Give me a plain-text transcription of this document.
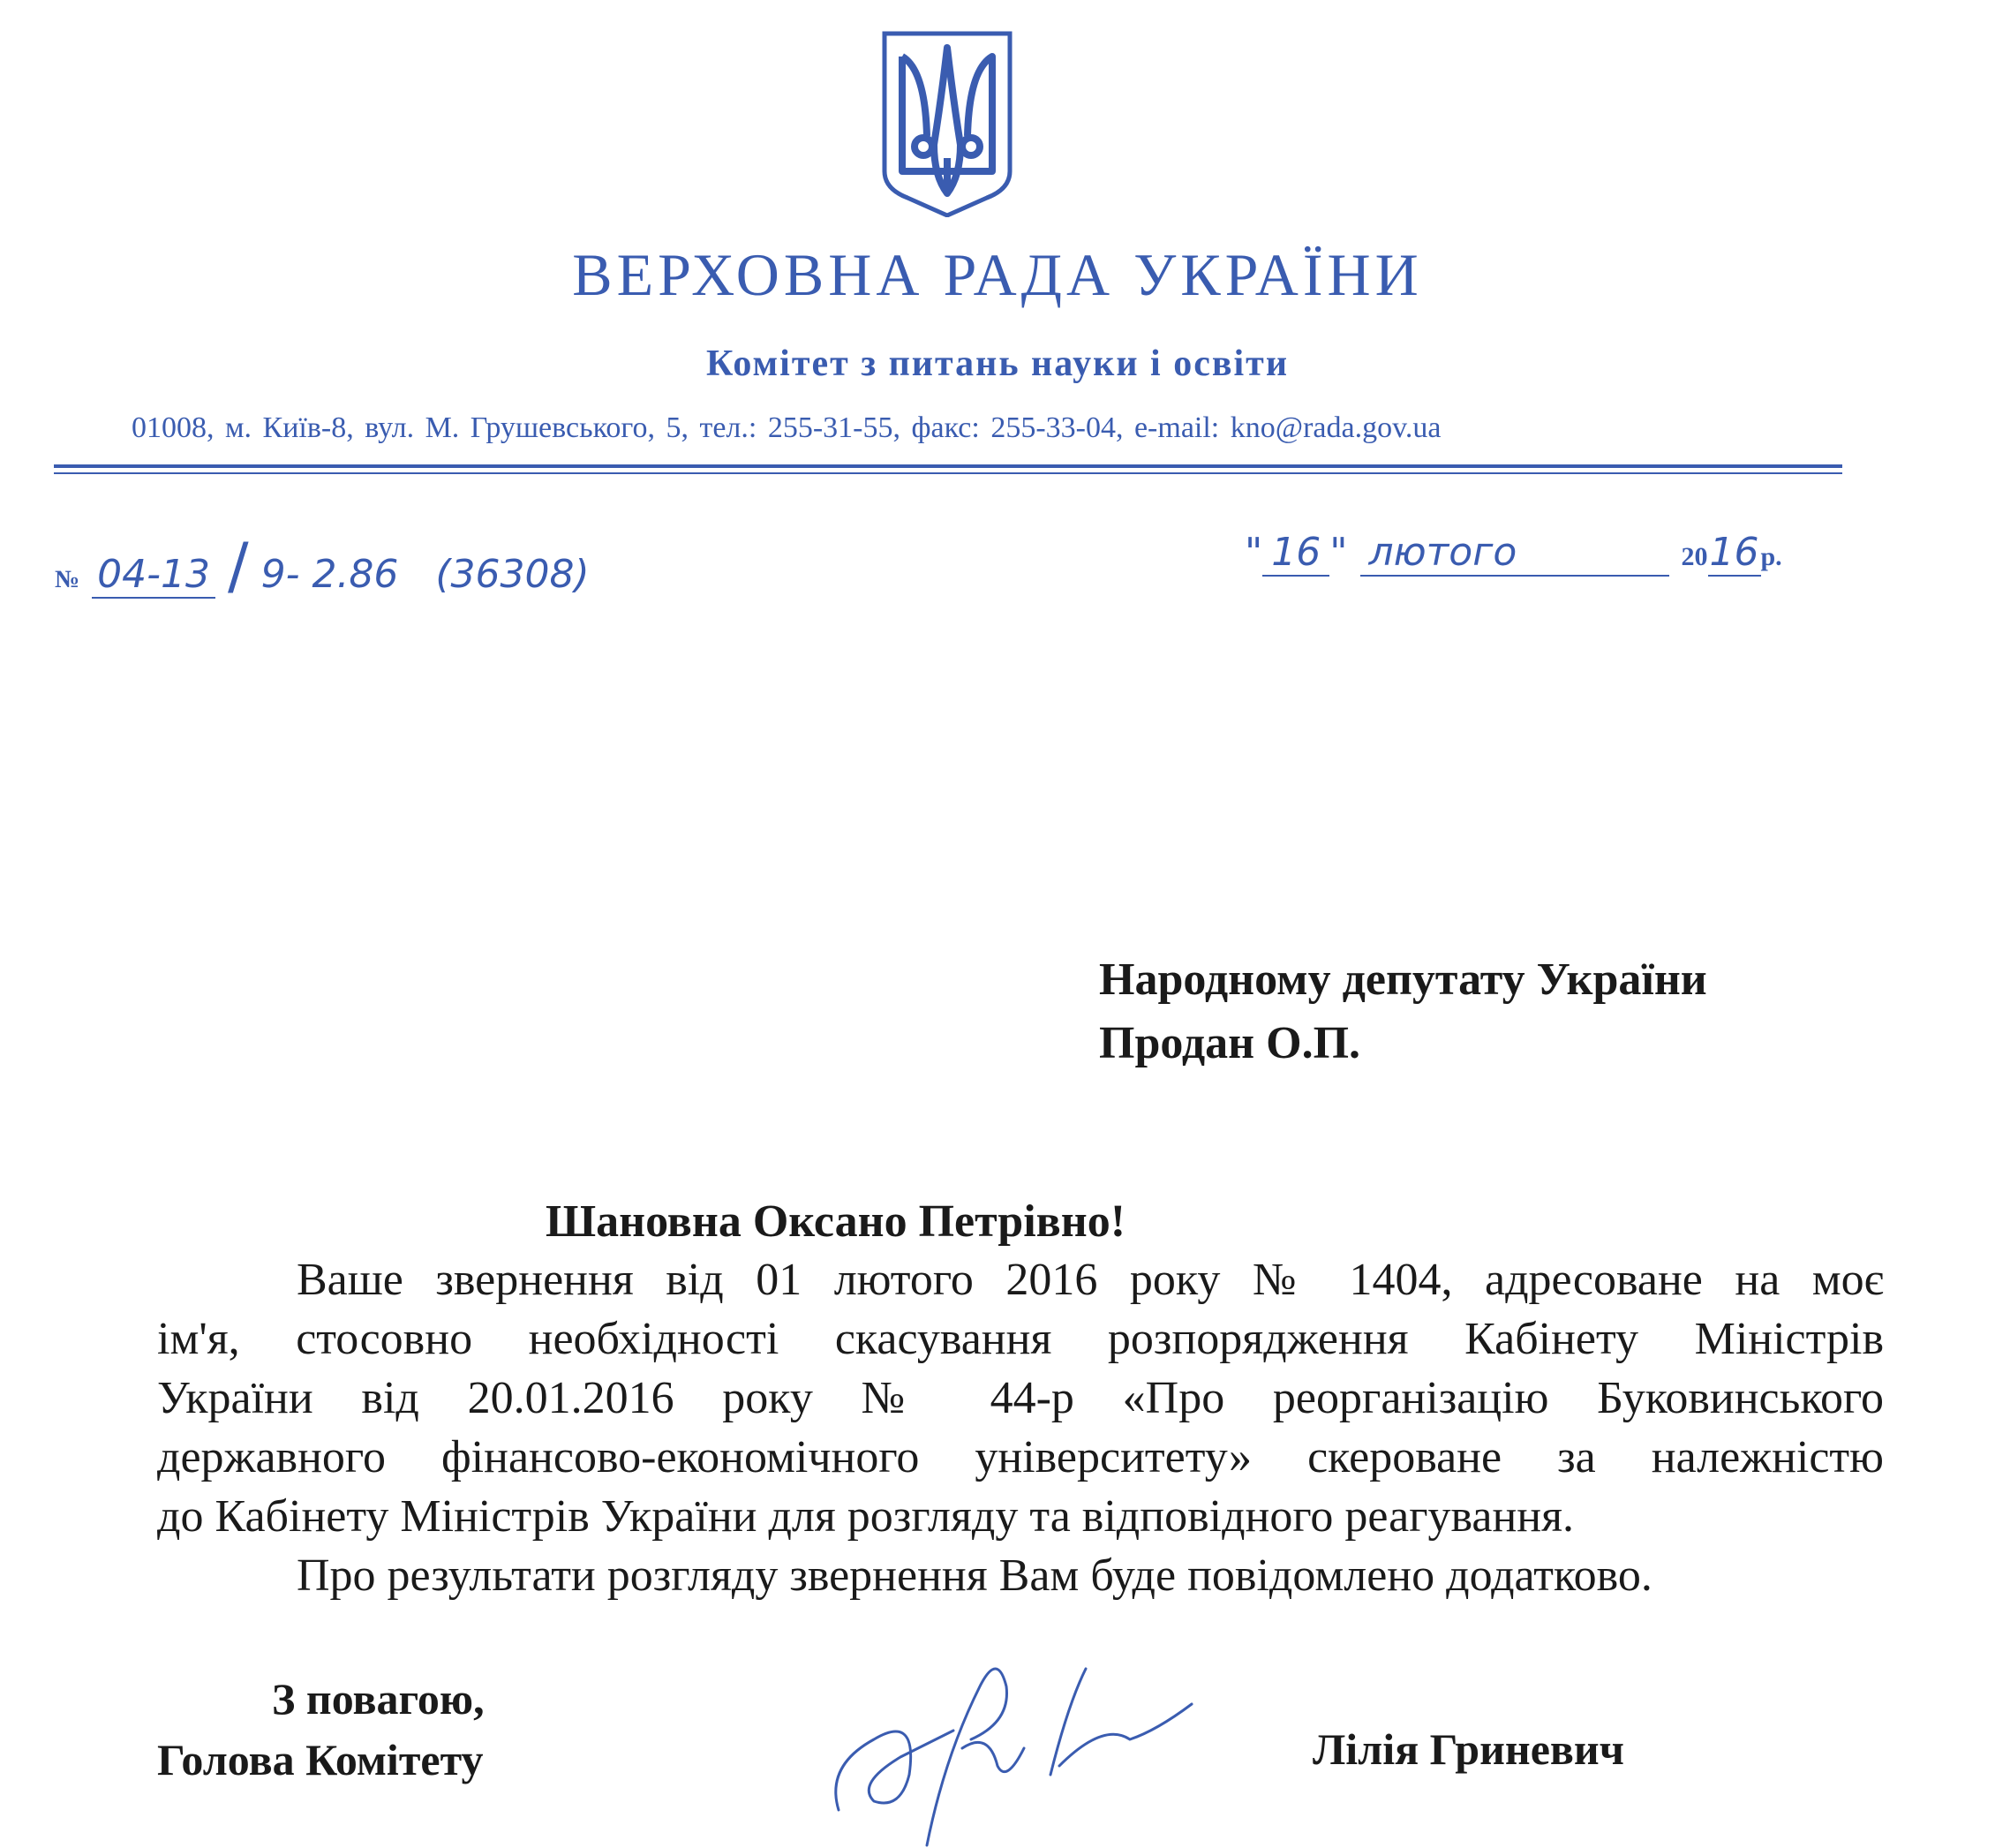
ВЕРХОВНА РАДА УКРАЇНИ
Комітет з питань науки і освіти
01008, м. Київ-8, вул. М. Грушевського, 5, тел.: 255-31-55, факс: 255-33-04, e-mail: kno@rada.gov.ua
№ 04-13 / 9- 2.86 (36308)	" 16 " лютого	2016р.
Народному депутату України
Продан О.П.
Шановна Оксано Петрівно!
Ваше звернення від 01 лютого 2016 року № 1404, адресоване на моє
ім'я, стосовно необхідності скасування розпорядження Кабінету Міністрів
України від 20.01.2016 року № 44-р «Про реорганізацію Буковинського
державного фінансово-економічного університету» скероване за належністю
до Кабінету Міністрів України для розгляду та відповідного реагування.
Про результати розгляду звернення Вам буде повідомлено додатково.
З повагою,
Голова Комітету	Лілія Гриневич
